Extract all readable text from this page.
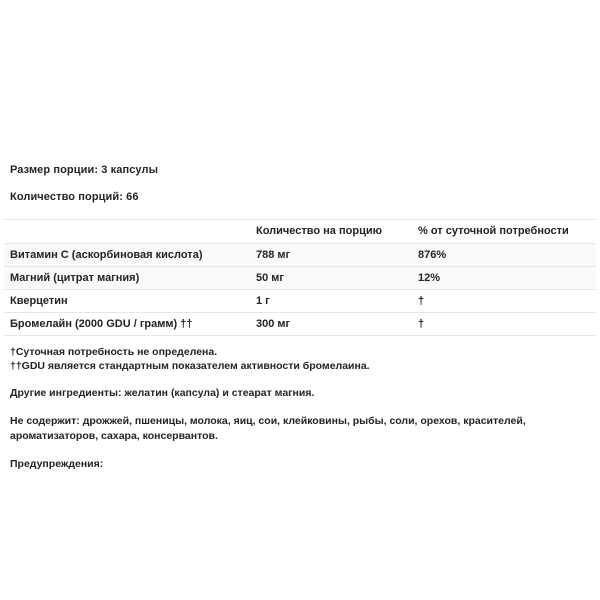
Размер порции: 3 капсулы

Количество порций: 66

	Количество на порцию	% от суточной потребности
Витамин С (аскорбиновая кислота)	788 мг	876%
Магний (цитрат магния)	50 мг	12%
Кверцетин	1 г	†
Бромелайн (2000 GDU / грамм) ††	300 мг	†

†Суточная потребность не определена.

††GDU является стандартным показателем активности бромелаина.

Другие ингредиенты: желатин (капсула) и стеарат магния.

Не содержит: дрожжей, пшеницы, молока, яиц, сои, клейковины, рыбы, соли, орехов, красителей, ароматизаторов, сахара, консервантов.

Предупреждения:
